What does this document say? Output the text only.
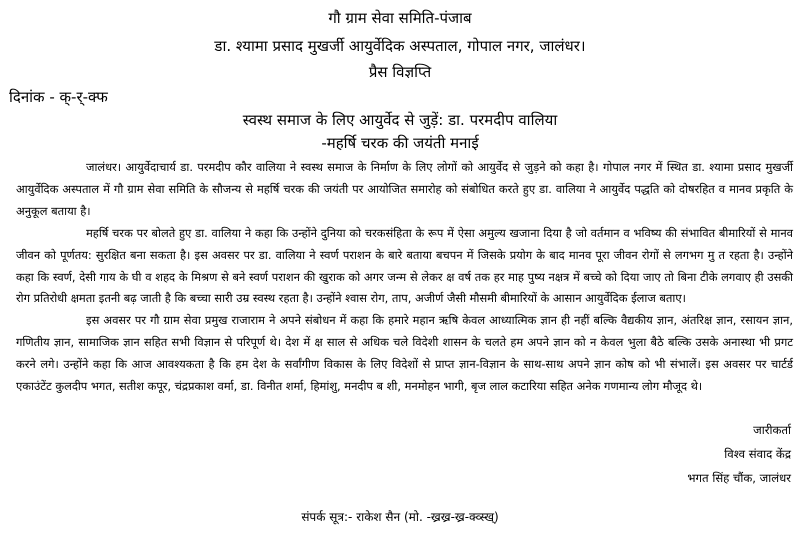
गौ ग्राम सेवा समिति-पंजाब
डा. श्यामा प्रसाद मुखर्जी आयुर्वेदिक अस्पताल, गोपाल नगर, जालंधर।
प्रैस विज्ञप्ति
दिनांक - क्-र्-क्फ
स्वस्थ समाज के लिए आयुर्वेद से जुड़ें: डा. परमदीप वालिया
-महर्षि चरक की जयंती मनाई

जालंधर। आयुर्वेदाचार्य डा. परमदीप कौर वालिया ने स्वस्थ समाज के निर्माण के लिए लोगों को आयुर्वेद से जुड़ने को कहा है। गोपाल नगर में स्थित डा. श्यामा प्रसाद मुखर्जी आयुर्वेदिक अस्पताल में गौ ग्राम सेवा समिति के सौजन्य से महर्षि चरक की जयंती पर आयोजित समारोह को संबोधित करते हुए डा. वालिया ने आयुर्वेद पद्धति को दोषरहित व मानव प्रकृति के अनुकूल बताया है।

महर्षि चरक पर बोलते हुए डा. वालिया ने कहा कि उन्होंने दुनिया को चरकसंहिता के रूप में ऐसा अमुल्य खजाना दिया है जो वर्तमान व भविष्य की संभावित बीमारियों से मानव जीवन को पूर्णतय: सुरक्षित बना सकता है। इस अवसर पर डा. वालिया ने स्वर्ण पराशन के बारे बताया बचपन में जिसके प्रयोग के बाद मानव पूरा जीवन रोगों से लगभग मु त रहता है। उन्होंने कहा कि स्वर्ण, देसी गाय के घी व शहद के मिश्रण से बने स्वर्ण पराशन की खुराक को अगर जन्म से लेकर क्ष वर्ष तक हर माह पुष्य नक्षत्र में बच्चे को दिया जाए तो बिना टीके लगवाए ही उसकी रोग प्रतिरोधी क्षमता इतनी बढ़ जाती है कि बच्चा सारी उम्र स्वस्थ रहता है। उन्होंने श्वास रोग, ताप, अजीर्ण जैसी मौसमी बीमारियों के आसान आयुर्वेदिक ईलाज बताए।

इस अवसर पर गौ ग्राम सेवा प्रमुख राजाराम ने अपने संबोधन में कहा कि हमारे महान ऋषि केवल आध्यात्मिक ज्ञान ही नहीं बल्कि वैद्यकीय ज्ञान, अंतरिक्ष ज्ञान, रसायन ज्ञान, गणितीय ज्ञान, सामाजिक ज्ञान सहित सभी विज्ञान से परिपूर्ण थे। देश में क्ष साल से अधिक चले विदेशी शासन के चलते हम अपने ज्ञान को न केवल भुला बैठे बल्कि उसके अनास्था भी प्रगट करने लगे। उन्होंने कहा कि आज आवश्यकता है कि हम देश के सर्वांगीण विकास के लिए विदेशों से प्राप्त ज्ञान-विज्ञान के साथ-साथ अपने ज्ञान कोष को भी संभालें। इस अवसर पर चार्टर्ड एकाउंटेंट कुलदीप भगत, सतीश कपूर, चंद्रप्रकाश वर्मा, डा. विनीत शर्मा, हिमांशु, मनदीप ब शी, मनमोहन भागी, बृज लाल कटारिया सहित अनेक गणमान्य लोग मौजूद थे।

जारीकर्ता
विश्व संवाद केंद्र
भगत सिंह चौंक, जालंधर
संपर्क सूत्र:- राकेश सैन (मो. -ख्रख्र-ख्र-क्व्स्ख्)
